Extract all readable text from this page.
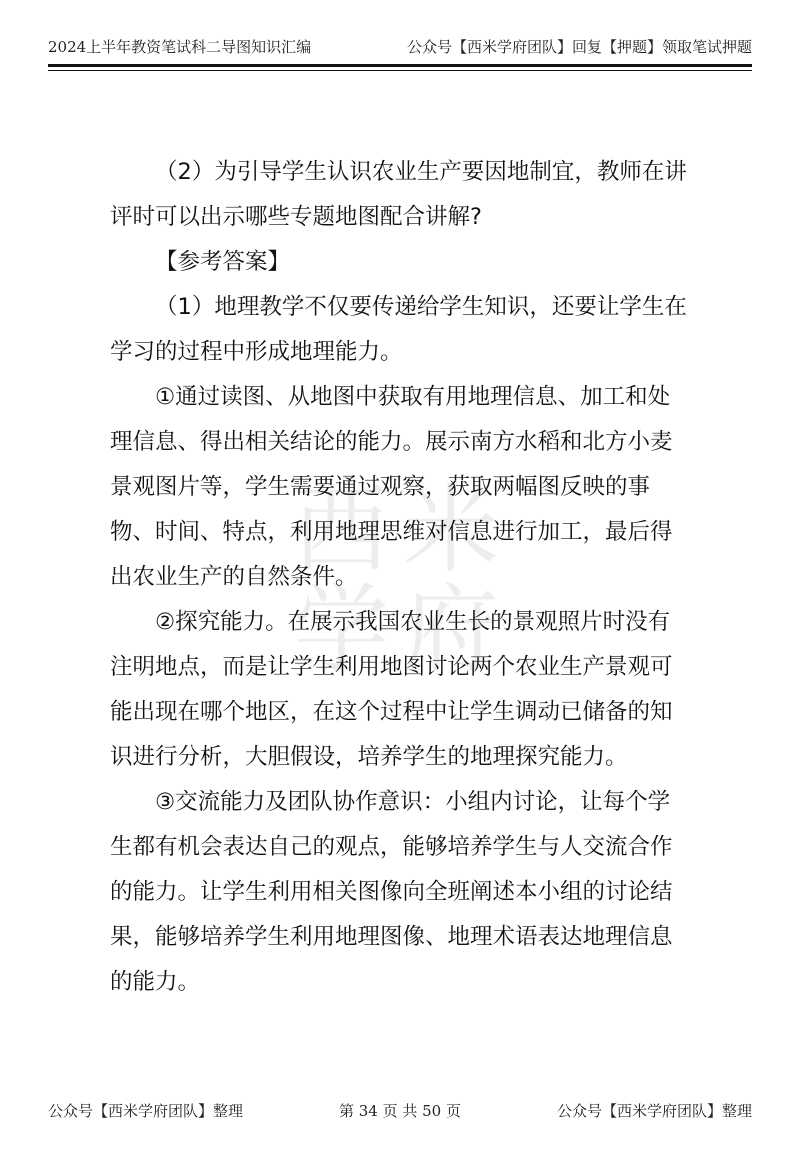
2024上半年教资笔试科二导图知识汇编	公众号【西米学府团队】回复【押题】领取笔试押题
西 米
学 府

（2）为引导学生认识农业生产要因地制宜，教师在讲评时可以出示哪些专题地图配合讲解?

【参考答案】

（1）地理教学不仅要传递给学生知识，还要让学生在学习的过程中形成地理能力。

①通过读图、从地图中获取有用地理信息、加工和处理信息、得出相关结论的能力。展示南方水稻和北方小麦景观图片等，学生需要通过观察，获取两幅图反映的事物、时间、特点，利用地理思维对信息进行加工，最后得出农业生产的自然条件。

②探究能力。在展示我国农业生长的景观照片时没有注明地点，而是让学生利用地图讨论两个农业生产景观可能出现在哪个地区，在这个过程中让学生调动已储备的知识进行分析，大胆假设，培养学生的地理探究能力。

③交流能力及团队协作意识：小组内讨论，让每个学生都有机会表达自己的观点，能够培养学生与人交流合作的能力。让学生利用相关图像向全班阐述本小组的讨论结果，能够培养学生利用地理图像、地理术语表达地理信息的能力。

公众号【西米学府团队】整理	第 34 页 共 50 页	公众号【西米学府团队】整理
